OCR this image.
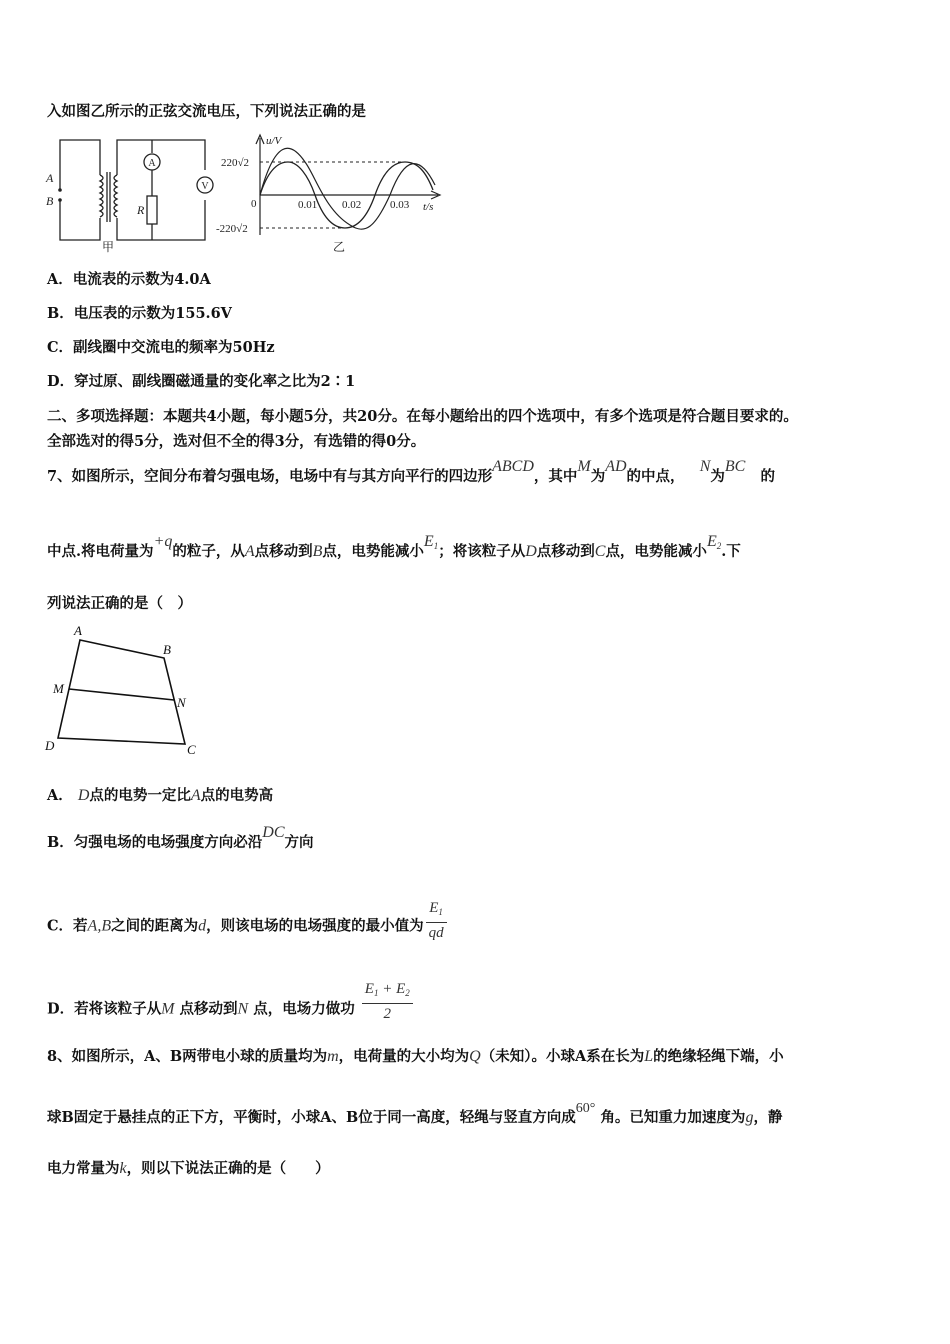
入如图乙所示的正弦交流电压，下列说法正确的是
A
B
R
A
V
甲
u/V
220√2
-220√2
0	0.01 0.02	0.03 t/s
乙
A．电流表的示数为4.0A
B．电压表的示数为155.6V
C．副线圈中交流电的频率为50Hz
D．穿过原、副线圈磁通量的变化率之比为2∶1
二、多项选择题：本题共4小题，每小题5分，共20分。在每小题给出的四个选项中，有多个选项是符合题目要求的。
全部选对的得5分，选对但不全的得3分，有选错的得0分。
7、如图所示，空间分布着匀强电场，电场中有与其方向平行的四边形ABCD，其中M为AD的中点，   N为BC   的
中点.将电荷量为+q的粒子，从A点移动到B点，电势能减小$E_1$；将该粒子从D点移动到C点，电势能减小$E_2$.下
列说法正确的是（　）
A
B
M
N
D	C
A． D点的电势一定比A点的电势高
B．匀强电场的电场强度方向必沿DC方向
C．若A,B之间的距离为d，则该电场的电场强度的最小值为 $\frac{E_1}{qd}$
D．若将该粒子从M 点移动到N 点，电场力做功 $\frac{E_1 + E_2}{2}$
8、如图所示，A、B两带电小球的质量均为m，电荷量的大小均为Q（未知）。小球A系在长为L的绝缘轻绳下端，小
球B固定于悬挂点的正下方，平衡时，小球A、B位于同一高度，轻绳与竖直方向成60° 角。已知重力加速度为g，静
电力常量为k，则以下说法正确的是（　　）
